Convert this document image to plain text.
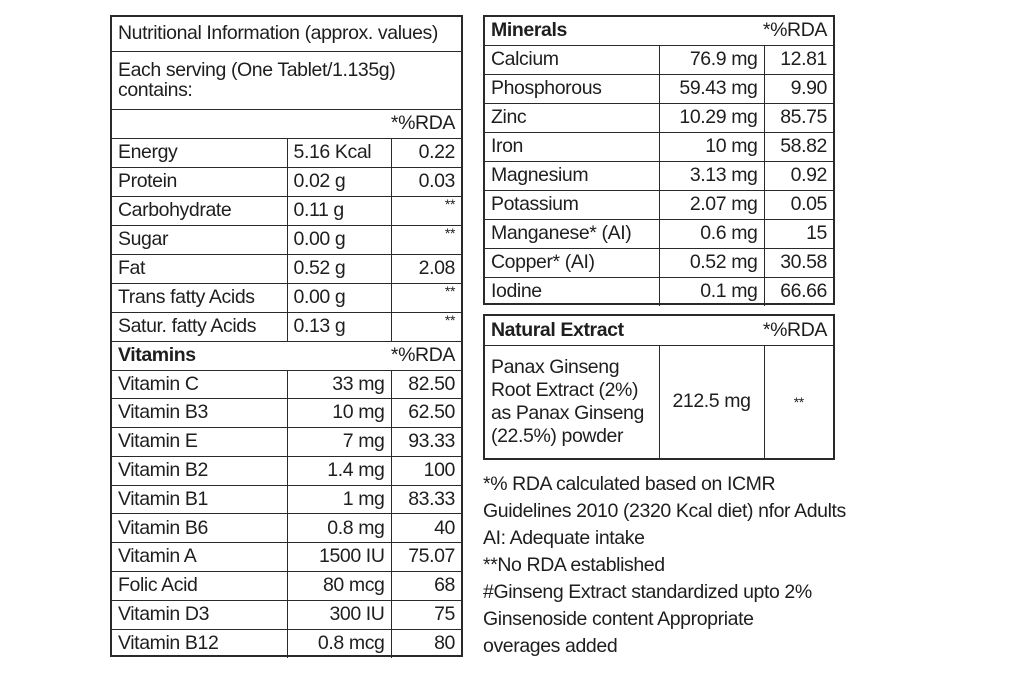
Nutritional Information (approx. values)		

Each serving (One Tablet/1.135g)
contains:		

*%RDA		
Energy	5.16 Kcal	0.22
Protein	0.02 g	0.03
Carbohydrate	0.11 g	**
Sugar	0.00 g	**
Fat	0.52 g	2.08
Trans fatty Acids	0.00 g	**
Satur. fatty Acids	0.13 g	**

Vitamins *%RDA		

Vitamin C	33 mg	82.50
Vitamin B3	10 mg	62.50
Vitamin E	7 mg	93.33
Vitamin B2	1.4 mg	100
Vitamin B1	1 mg	83.33
Vitamin B6	0.8 mg	40
Vitamin A	1500 IU	75.07
Folic Acid	80 mcg	68
Vitamin D3	300 IU	75
Vitamin B12	0.8 mcg	80
Minerals *%RDA		

Calcium	76.9 mg	12.81
Phosphorous	59.43 mg	9.90
Zinc	10.29 mg	85.75
Iron	10 mg	58.82
Magnesium	3.13 mg	0.92
Potassium	2.07 mg	0.05
Manganese* (AI)	0.6 mg	15
Copper* (AI)	0.52 mg	30.58
Iodine	0.1 mg	66.66
Natural Extract	*%RDA

Panax Ginseng
Root Extract (2%)
as Panax Ginseng
(22.5%) powder
	212.5 mg	**
*% RDA calculated based on ICMR
Guidelines 2010 (2320 Kcal diet) nfor Adults
AI: Adequate intake
**No RDA established
#Ginseng Extract standardized upto 2%
Ginsenoside content Appropriate
overages added
